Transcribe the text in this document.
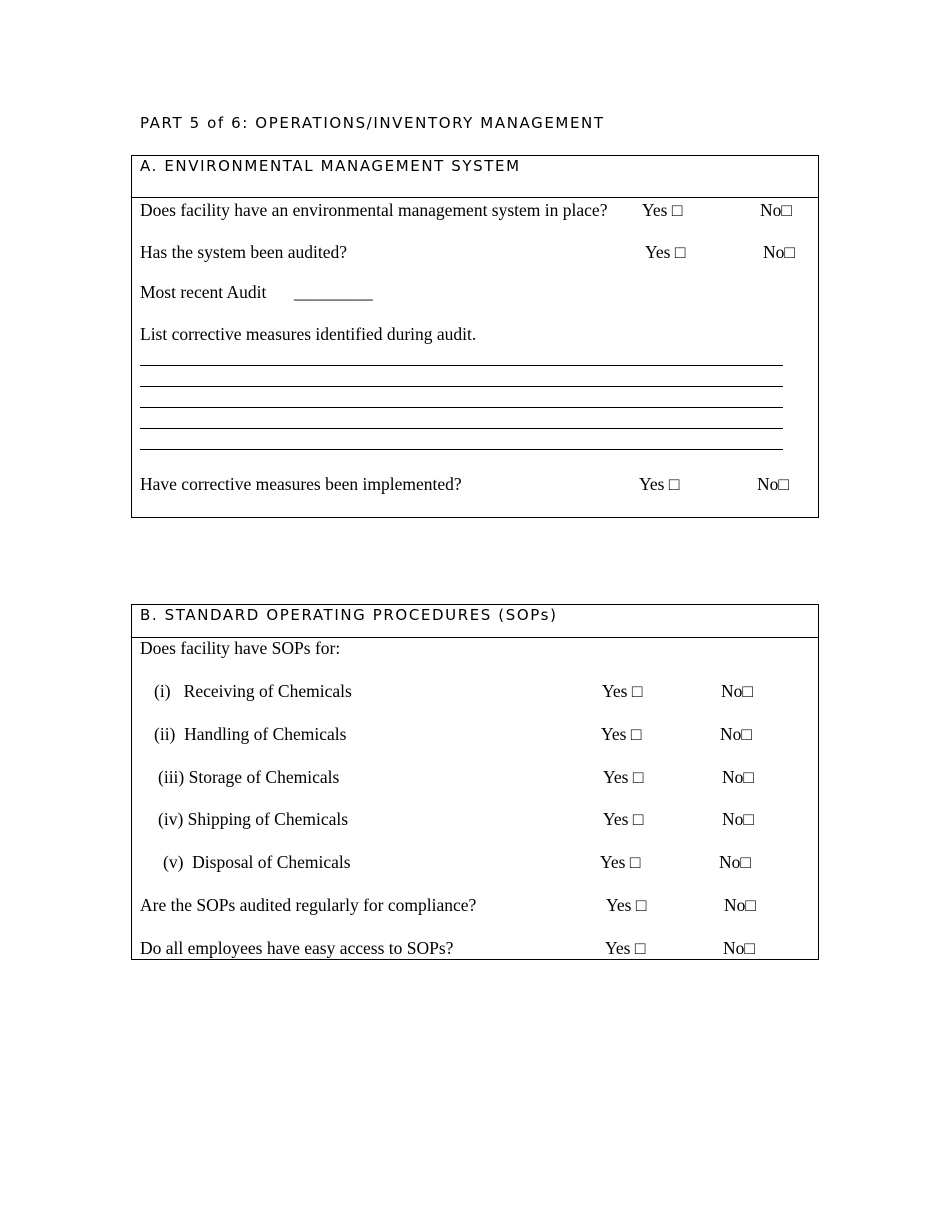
PART 5 of 6: OPERATIONS/INVENTORY MANAGEMENT
A. ENVIRONMENTAL MANAGEMENT SYSTEM
Does facility have an environmental management system in place? Yes □	No□
Has the system been audited?	Yes □	No□
Most recent Audit _________
List corrective measures identified during audit.
Have corrective measures been implemented?	Yes □	No□
B. STANDARD OPERATING PROCEDURES (SOPs)
Does facility have SOPs for:
(i)   Receiving of Chemicals	Yes □	No□
(ii)  Handling of Chemicals	Yes □	No□
(iii) Storage of Chemicals	Yes □	No□
(iv) Shipping of Chemicals	Yes □	No□
(v)  Disposal of Chemicals	Yes □	No□
Are the SOPs audited regularly for compliance?	Yes □	No□
Do all employees have easy access to SOPs?	Yes □	No□
